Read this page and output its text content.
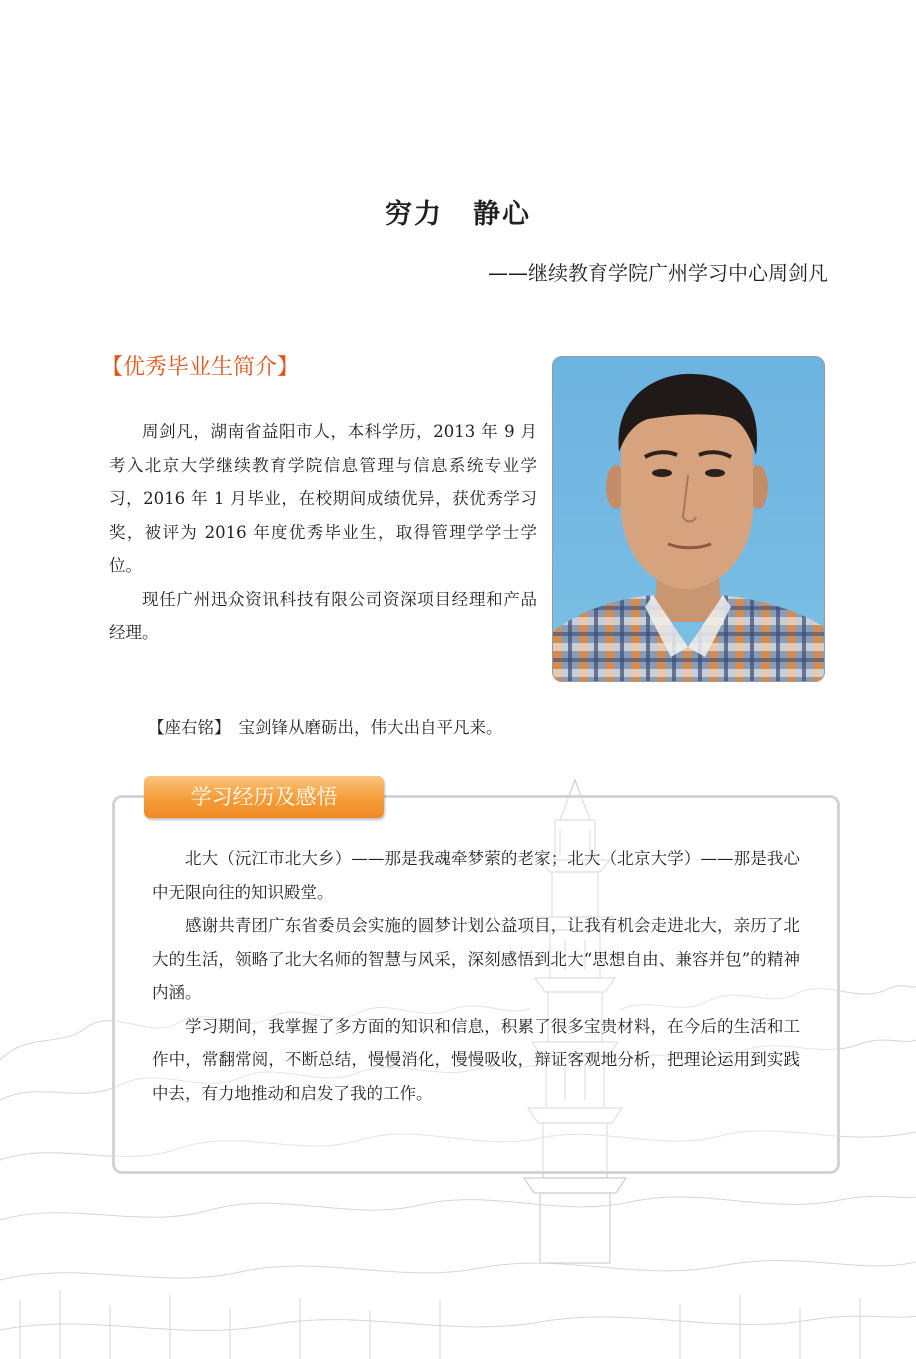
穷力 静心
——继续教育学院广州学习中心周剑凡
【优秀毕业生简介】

周剑凡，湖南省益阳市人，本科学历，2013 年 9 月考入北京大学继续教育学院信息管理与信息系统专业学习，2016 年 1 月毕业，在校期间成绩优异，获优秀学习奖，被评为 2016 年度优秀毕业生，取得管理学学士学位。

现任广州迅众资讯科技有限公司资深项目经理和产品经理。

【座右铭】 宝剑锋从磨砺出，伟大出自平凡来。
学习经历及感悟

北大（沅江市北大乡）——那是我魂牵梦萦的老家；北大（北京大学）——那是我心中无限向往的知识殿堂。

感谢共青团广东省委员会实施的圆梦计划公益项目，让我有机会走进北大，亲历了北大的生活，领略了北大名师的智慧与风采，深刻感悟到北大“思想自由、兼容并包”的精神内涵。

学习期间，我掌握了多方面的知识和信息，积累了很多宝贵材料，在今后的生活和工作中，常翻常阅，不断总结，慢慢消化，慢慢吸收，辩证客观地分析，把理论运用到实践中去，有力地推动和启发了我的工作。
